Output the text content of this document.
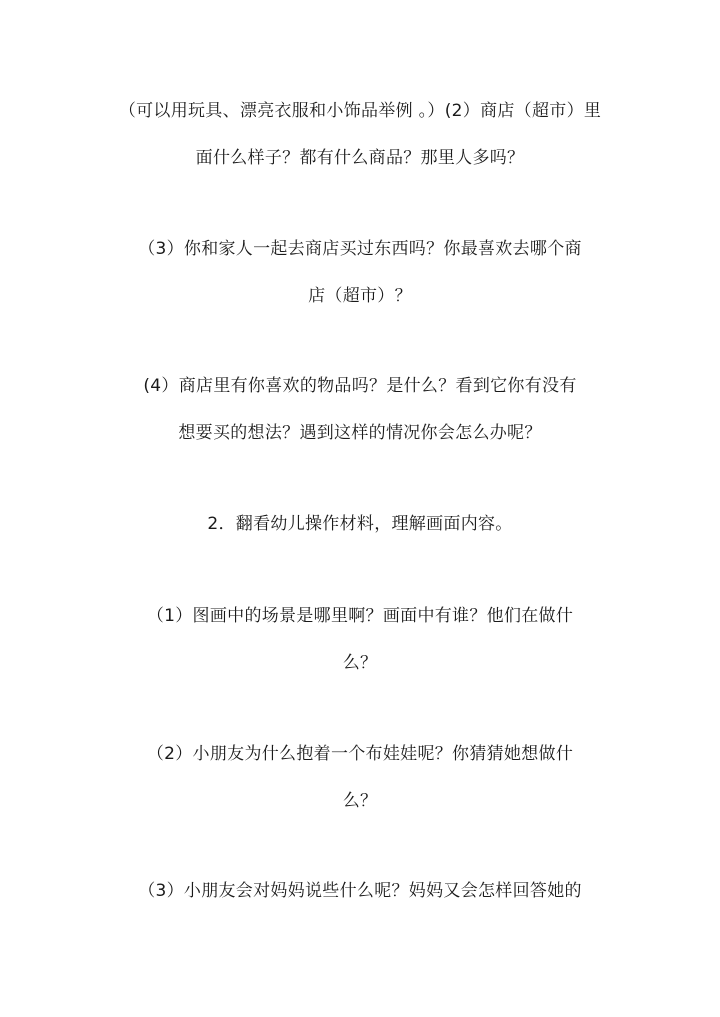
（可以用玩具、漂亮衣服和小饰品举例 。）(2）商店（超市）里
面什么样子？都有什么商品？那里人多吗？
（3）你和家人一起去商店买过东西吗？你最喜欢去哪个商
店（超市）？
(4）商店里有你喜欢的物品吗？是什么？看到它你有没有
想要买的想法？遇到这样的情况你会怎么办呢？
2．翻看幼儿操作材料，理解画面内容。
（1）图画中的场景是哪里啊？画面中有谁？他们在做什
么？
（2）小朋友为什么抱着一个布娃娃呢？你猜猜她想做什
么？
（3）小朋友会对妈妈说些什么呢？妈妈又会怎样回答她的
